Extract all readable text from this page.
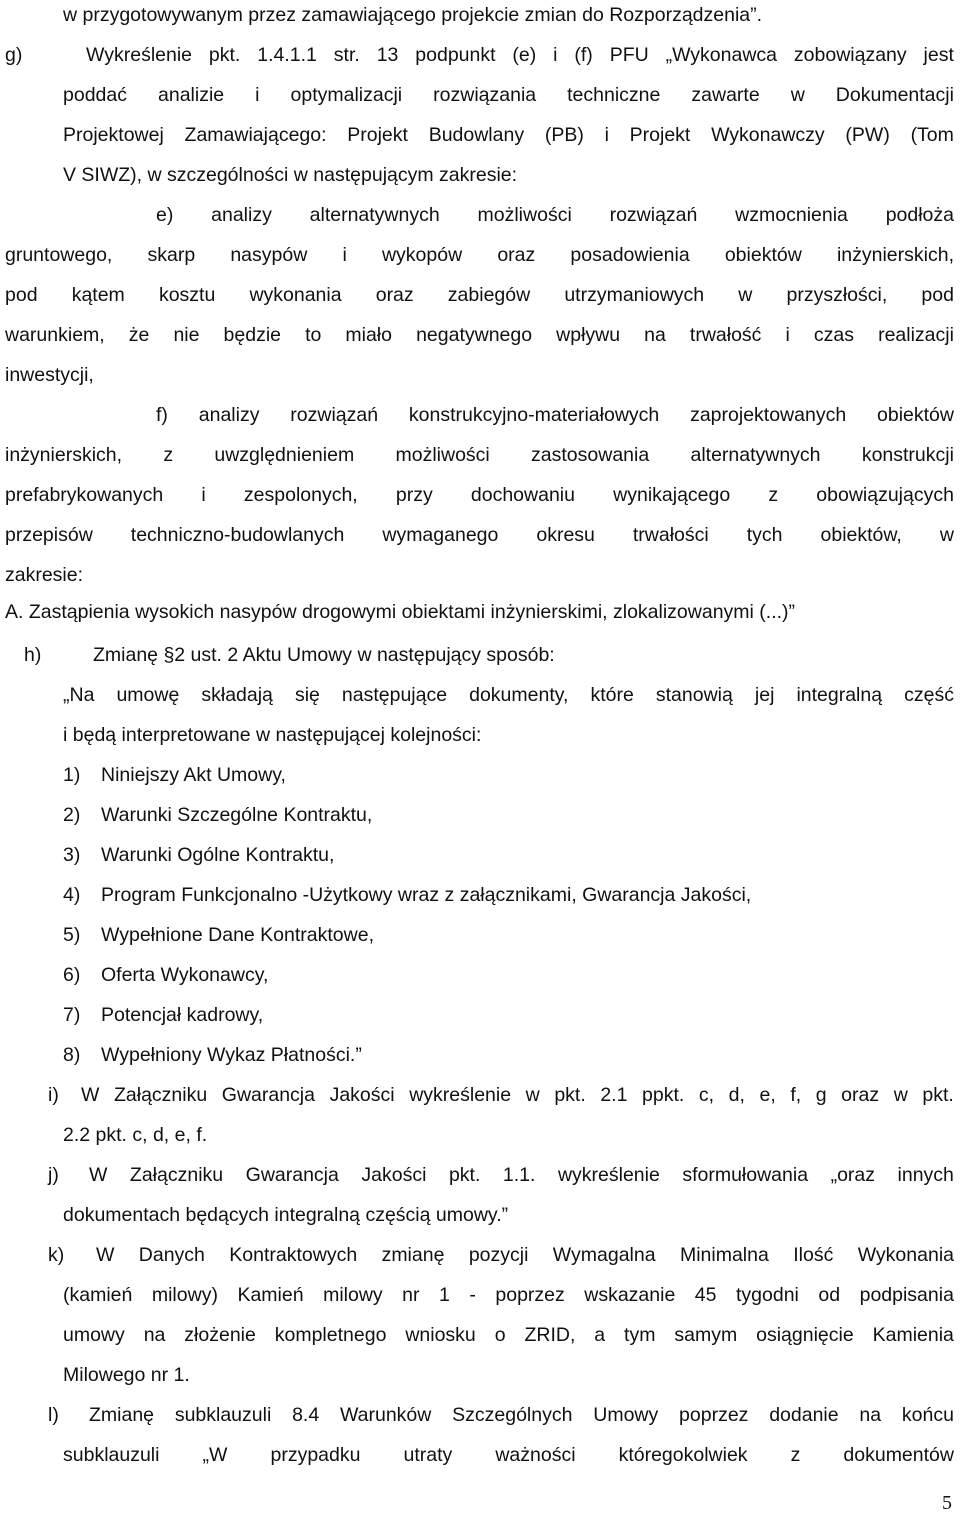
w przygotowywanym przez zamawiającego projekcie zmian do Rozporządzenia”.
g)	Wykreślenie pkt. 1.4.1.1 str. 13 podpunkt (e) i (f) PFU „Wykonawca zobowiązany jest
poddać analizie i optymalizacji rozwiązania techniczne zawarte w Dokumentacji
Projektowej Zamawiającego: Projekt Budowlany (PB) i Projekt Wykonawczy (PW) (Tom
V SIWZ), w szczególności w następującym zakresie:
e) analizy alternatywnych możliwości rozwiązań wzmocnienia podłoża
gruntowego, skarp nasypów i wykopów oraz posadowienia obiektów inżynierskich,
pod kątem kosztu wykonania oraz zabiegów utrzymaniowych w przyszłości, pod
warunkiem, że nie będzie to miało negatywnego wpływu na trwałość i czas realizacji
inwestycji,
f) analizy rozwiązań konstrukcyjno-materiałowych zaprojektowanych obiektów
inżynierskich, z uwzględnieniem możliwości zastosowania alternatywnych konstrukcji
prefabrykowanych i zespolonych, przy dochowaniu wynikającego z obowiązujących
przepisów techniczno-budowlanych wymaganego okresu trwałości tych obiektów, w
zakresie:
A. Zastąpienia wysokich nasypów drogowymi obiektami inżynierskimi, zlokalizowanymi (...)”
h)	Zmianę §2 ust. 2 Aktu Umowy w następujący sposób:
„Na umowę składają się następujące dokumenty, które stanowią jej integralną część
i będą interpretowane w następującej kolejności:
1) Niniejszy Akt Umowy,
2) Warunki Szczególne Kontraktu,
3) Warunki Ogólne Kontraktu,
4) Program Funkcjonalno -Użytkowy wraz z załącznikami, Gwarancja Jakości,
5) Wypełnione Dane Kontraktowe,
6) Oferta Wykonawcy,
7) Potencjał kadrowy,
8) Wypełniony Wykaz Płatności.”
i) W Załączniku Gwarancja Jakości wykreślenie w pkt. 2.1 ppkt. c, d, e, f, g oraz w pkt.
2.2 pkt. c, d, e, f.
j) W Załączniku Gwarancja Jakości pkt. 1.1. wykreślenie sformułowania „oraz innych
dokumentach będących integralną częścią umowy.”
k) W Danych Kontraktowych zmianę pozycji Wymagalna Minimalna Ilość Wykonania
(kamień milowy) Kamień milowy nr 1 - poprzez wskazanie 45 tygodni od podpisania
umowy na złożenie kompletnego wniosku o ZRID, a tym samym osiągnięcie Kamienia
Milowego nr 1.
l) Zmianę subklauzuli 8.4 Warunków Szczególnych Umowy poprzez dodanie na końcu
subklauzuli „W przypadku utraty ważności któregokolwiek z dokumentów
5
